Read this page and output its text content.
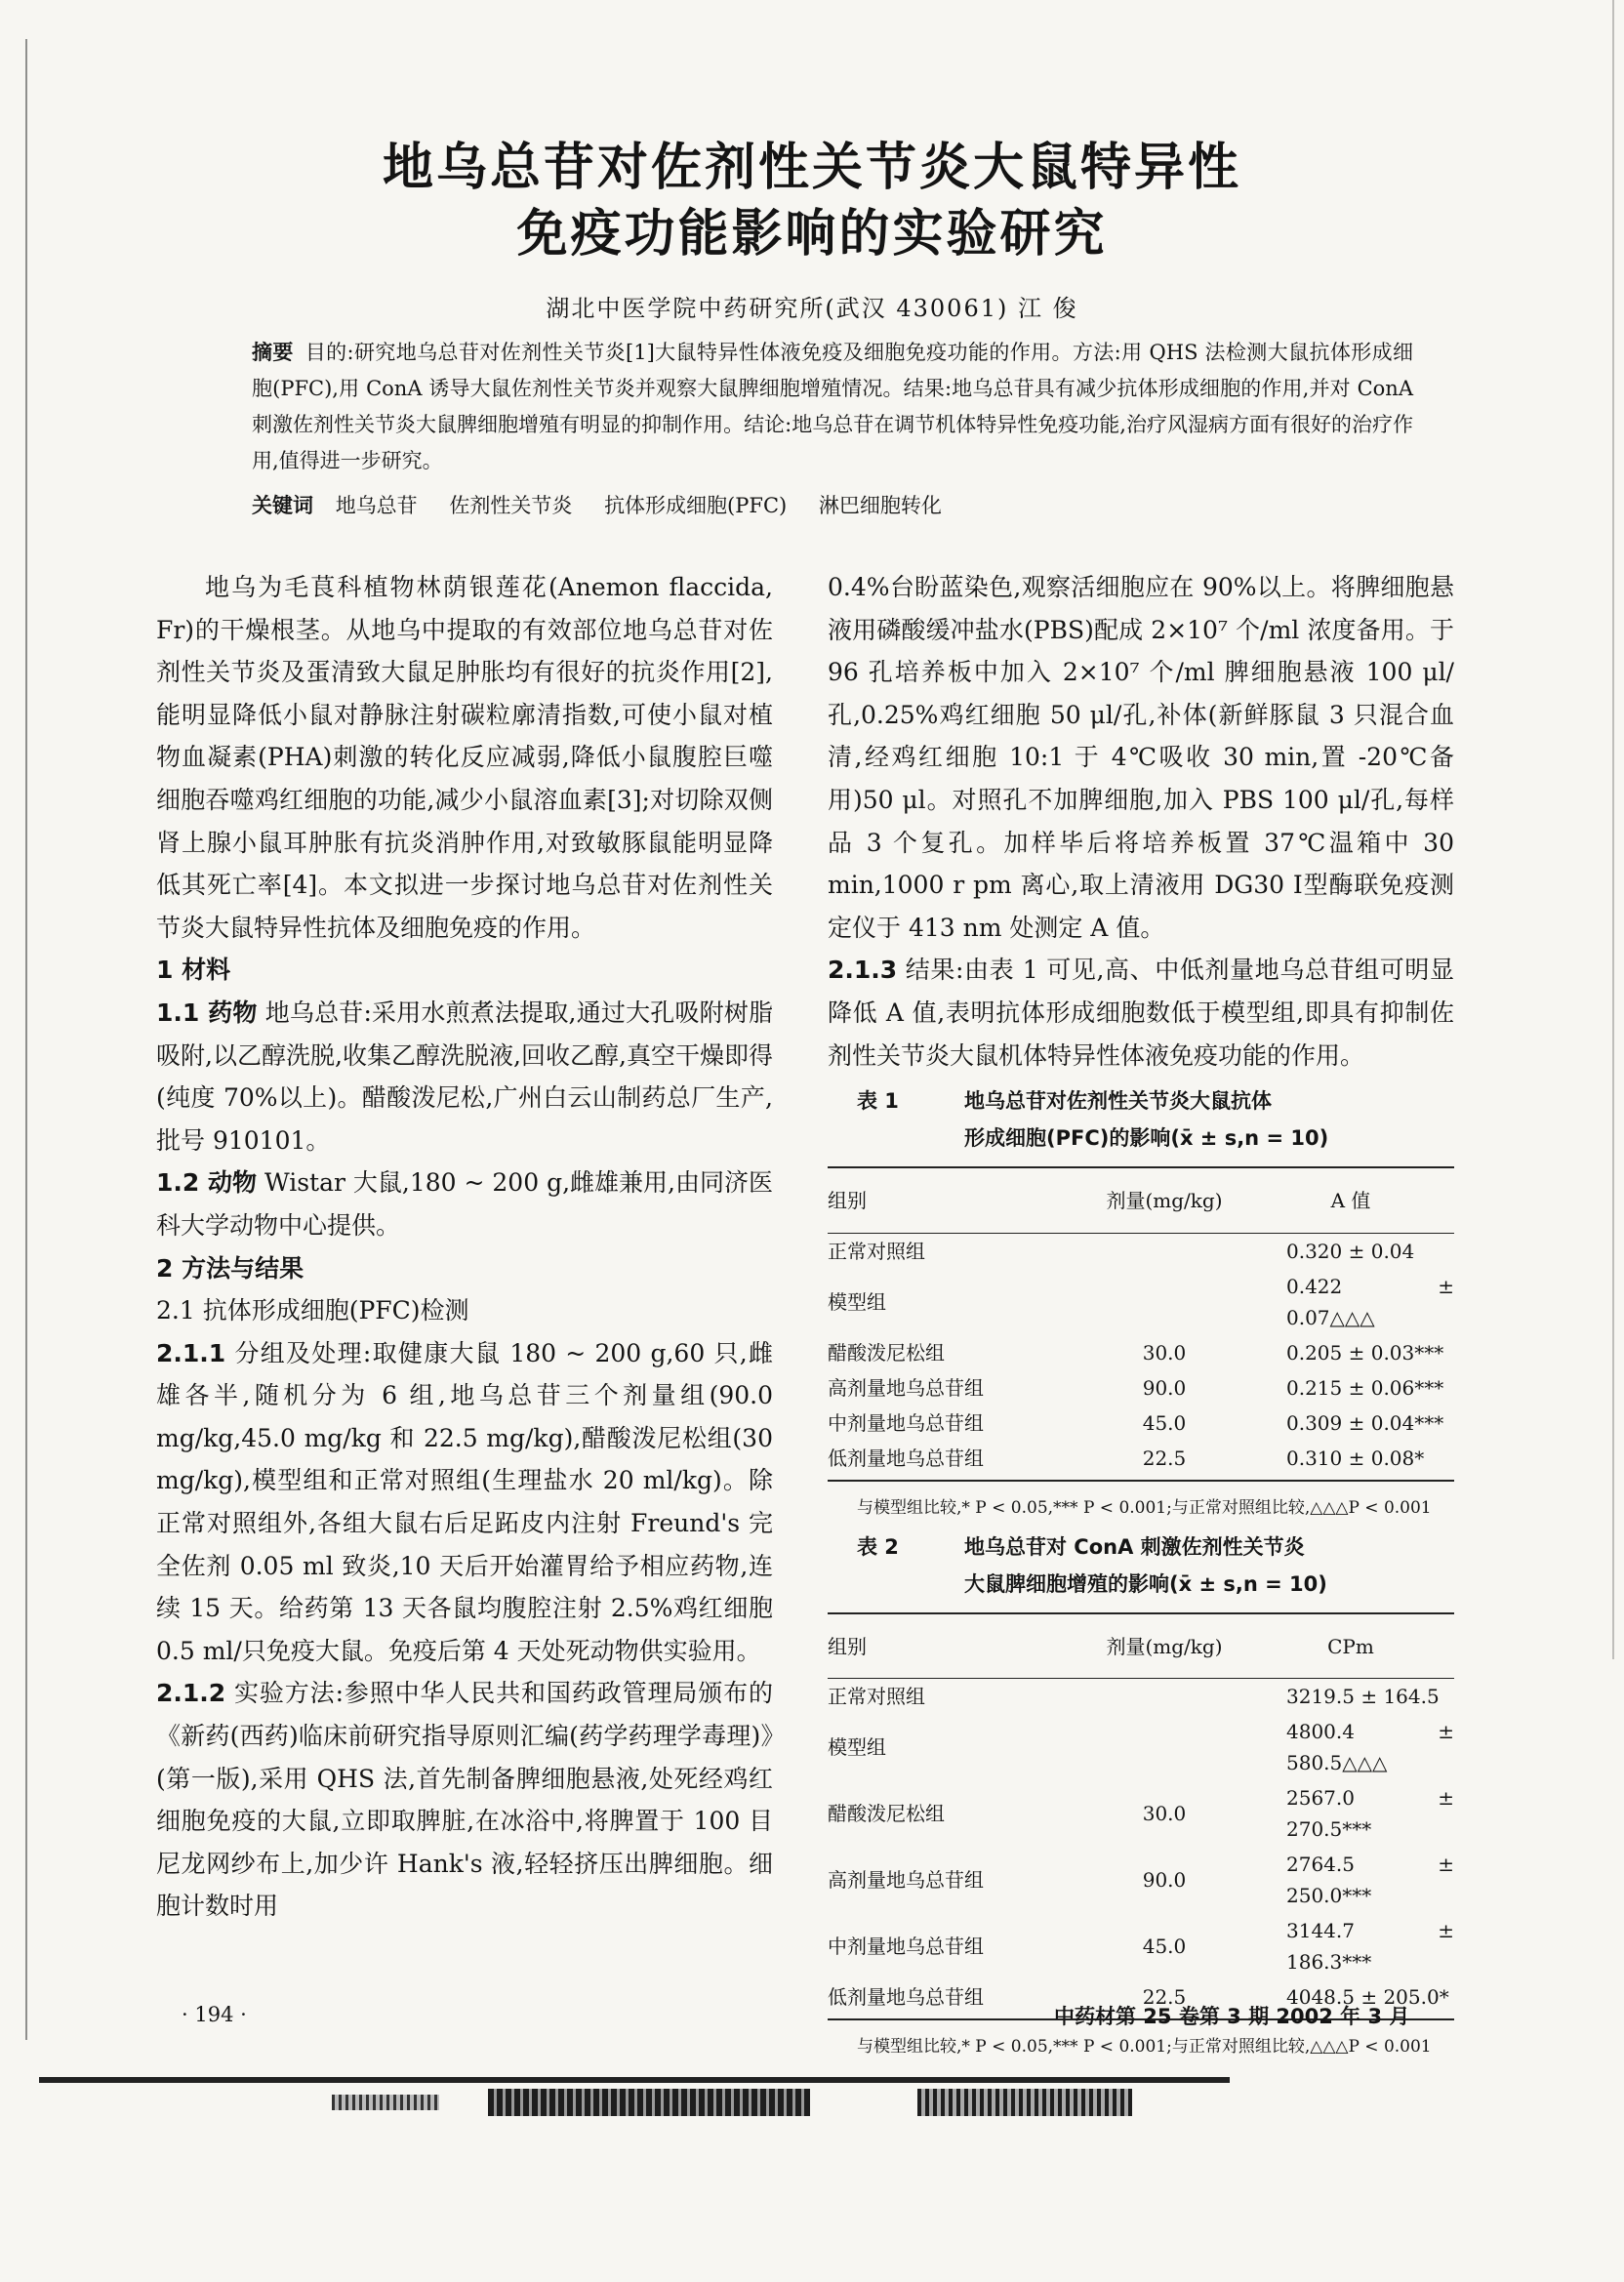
地乌总苷对佐剂性关节炎大鼠特异性
免疫功能影响的实验研究
湖北中医学院中药研究所(武汉 430061) 江 俊
摘要 目的:研究地乌总苷对佐剂性关节炎[1]大鼠特异性体液免疫及细胞免疫功能的作用。方法:用 QHS 法检测大鼠抗体形成细胞(PFC),用 ConA 诱导大鼠佐剂性关节炎并观察大鼠脾细胞增殖情况。结果:地乌总苷具有减少抗体形成细胞的作用,并对 ConA 刺激佐剂性关节炎大鼠脾细胞增殖有明显的抑制作用。结论:地乌总苷在调节机体特异性免疫功能,治疗风湿病方面有很好的治疗作用,值得进一步研究。
关键词 地乌总苷 佐剂性关节炎 抗体形成细胞(PFC) 淋巴细胞转化

地乌为毛茛科植物林荫银莲花(Anemon flaccida, Fr)的干燥根茎。从地乌中提取的有效部位地乌总苷对佐剂性关节炎及蛋清致大鼠足肿胀均有很好的抗炎作用[2],能明显降低小鼠对静脉注射碳粒廓清指数,可使小鼠对植物血凝素(PHA)刺激的转化反应减弱,降低小鼠腹腔巨噬细胞吞噬鸡红细胞的功能,减少小鼠溶血素[3];对切除双侧肾上腺小鼠耳肿胀有抗炎消肿作用,对致敏豚鼠能明显降低其死亡率[4]。本文拟进一步探讨地乌总苷对佐剂性关节炎大鼠特异性抗体及细胞免疫的作用。

1 材料

1.1 药物 地乌总苷:采用水煎煮法提取,通过大孔吸附树脂吸附,以乙醇洗脱,收集乙醇洗脱液,回收乙醇,真空干燥即得(纯度 70%以上)。醋酸泼尼松,广州白云山制药总厂生产,批号 910101。

1.2 动物 Wistar 大鼠,180 ~ 200 g,雌雄兼用,由同济医科大学动物中心提供。

2 方法与结果

2.1 抗体形成细胞(PFC)检测

2.1.1 分组及处理:取健康大鼠 180 ~ 200 g,60 只,雌雄各半,随机分为 6 组,地乌总苷三个剂量组(90.0 mg/kg,45.0 mg/kg 和 22.5 mg/kg),醋酸泼尼松组(30 mg/kg),模型组和正常对照组(生理盐水 20 ml/kg)。除正常对照组外,各组大鼠右后足跖皮内注射 Freund's 完全佐剂 0.05 ml 致炎,10 天后开始灌胃给予相应药物,连续 15 天。给药第 13 天各鼠均腹腔注射 2.5%鸡红细胞 0.5 ml/只免疫大鼠。免疫后第 4 天处死动物供实验用。

2.1.2 实验方法:参照中华人民共和国药政管理局颁布的《新药(西药)临床前研究指导原则汇编(药学药理学毒理)》(第一版),采用 QHS 法,首先制备脾细胞悬液,处死经鸡红细胞免疫的大鼠,立即取脾脏,在冰浴中,将脾置于 100 目尼龙网纱布上,加少许 Hank's 液,轻轻挤压出脾细胞。细胞计数时用

0.4%台盼蓝染色,观察活细胞应在 90%以上。将脾细胞悬液用磷酸缓冲盐水(PBS)配成 2×10⁷ 个/ml 浓度备用。于 96 孔培养板中加入 2×10⁷ 个/ml 脾细胞悬液 100 μl/孔,0.25%鸡红细胞 50 μl/孔,补体(新鲜豚鼠 3 只混合血清,经鸡红细胞 10:1 于 4℃吸收 30 min,置 -20℃备用)50 μl。对照孔不加脾细胞,加入 PBS 100 μl/孔,每样品 3 个复孔。加样毕后将培养板置 37℃温箱中 30 min,1000 r pm 离心,取上清液用 DG30 Ⅰ型酶联免疫测定仪于 413 nm 处测定 A 值。

2.1.3 结果:由表 1 可见,高、中低剂量地乌总苷组可明显降低 A 值,表明抗体形成细胞数低于模型组,即具有抑制佐剂性关节炎大鼠机体特异性体液免疫功能的作用。

表 1	地乌总苷对佐剂性关节炎大鼠抗体
形成细胞(PFC)的影响(x̄ ± s,n = 10)
组别	剂量(mg/kg)	A 值
正常对照组		0.320 ± 0.04
模型组		0.422 ± 0.07△△△
醋酸泼尼松组	30.0	0.205 ± 0.03***
高剂量地乌总苷组	90.0	0.215 ± 0.06***
中剂量地乌总苷组	45.0	0.309 ± 0.04***
低剂量地乌总苷组	22.5	0.310 ± 0.08*
与模型组比较,* P < 0.05,*** P < 0.001;与正常对照组比较,△△△P < 0.001
表 2	地乌总苷对 ConA 刺激佐剂性关节炎
大鼠脾细胞增殖的影响(x̄ ± s,n = 10)
组别	剂量(mg/kg)	CPm
正常对照组		3219.5 ± 164.5
模型组		4800.4 ± 580.5△△△
醋酸泼尼松组	30.0	2567.0 ± 270.5***
高剂量地乌总苷组	90.0	2764.5 ± 250.0***
中剂量地乌总苷组	45.0	3144.7 ± 186.3***
低剂量地乌总苷组	22.5	4048.5 ± 205.0*
与模型组比较,* P < 0.05,*** P < 0.001;与正常对照组比较,△△△P < 0.001
· 194 ·	中药材第 25 卷第 3 期 2002 年 3 月
